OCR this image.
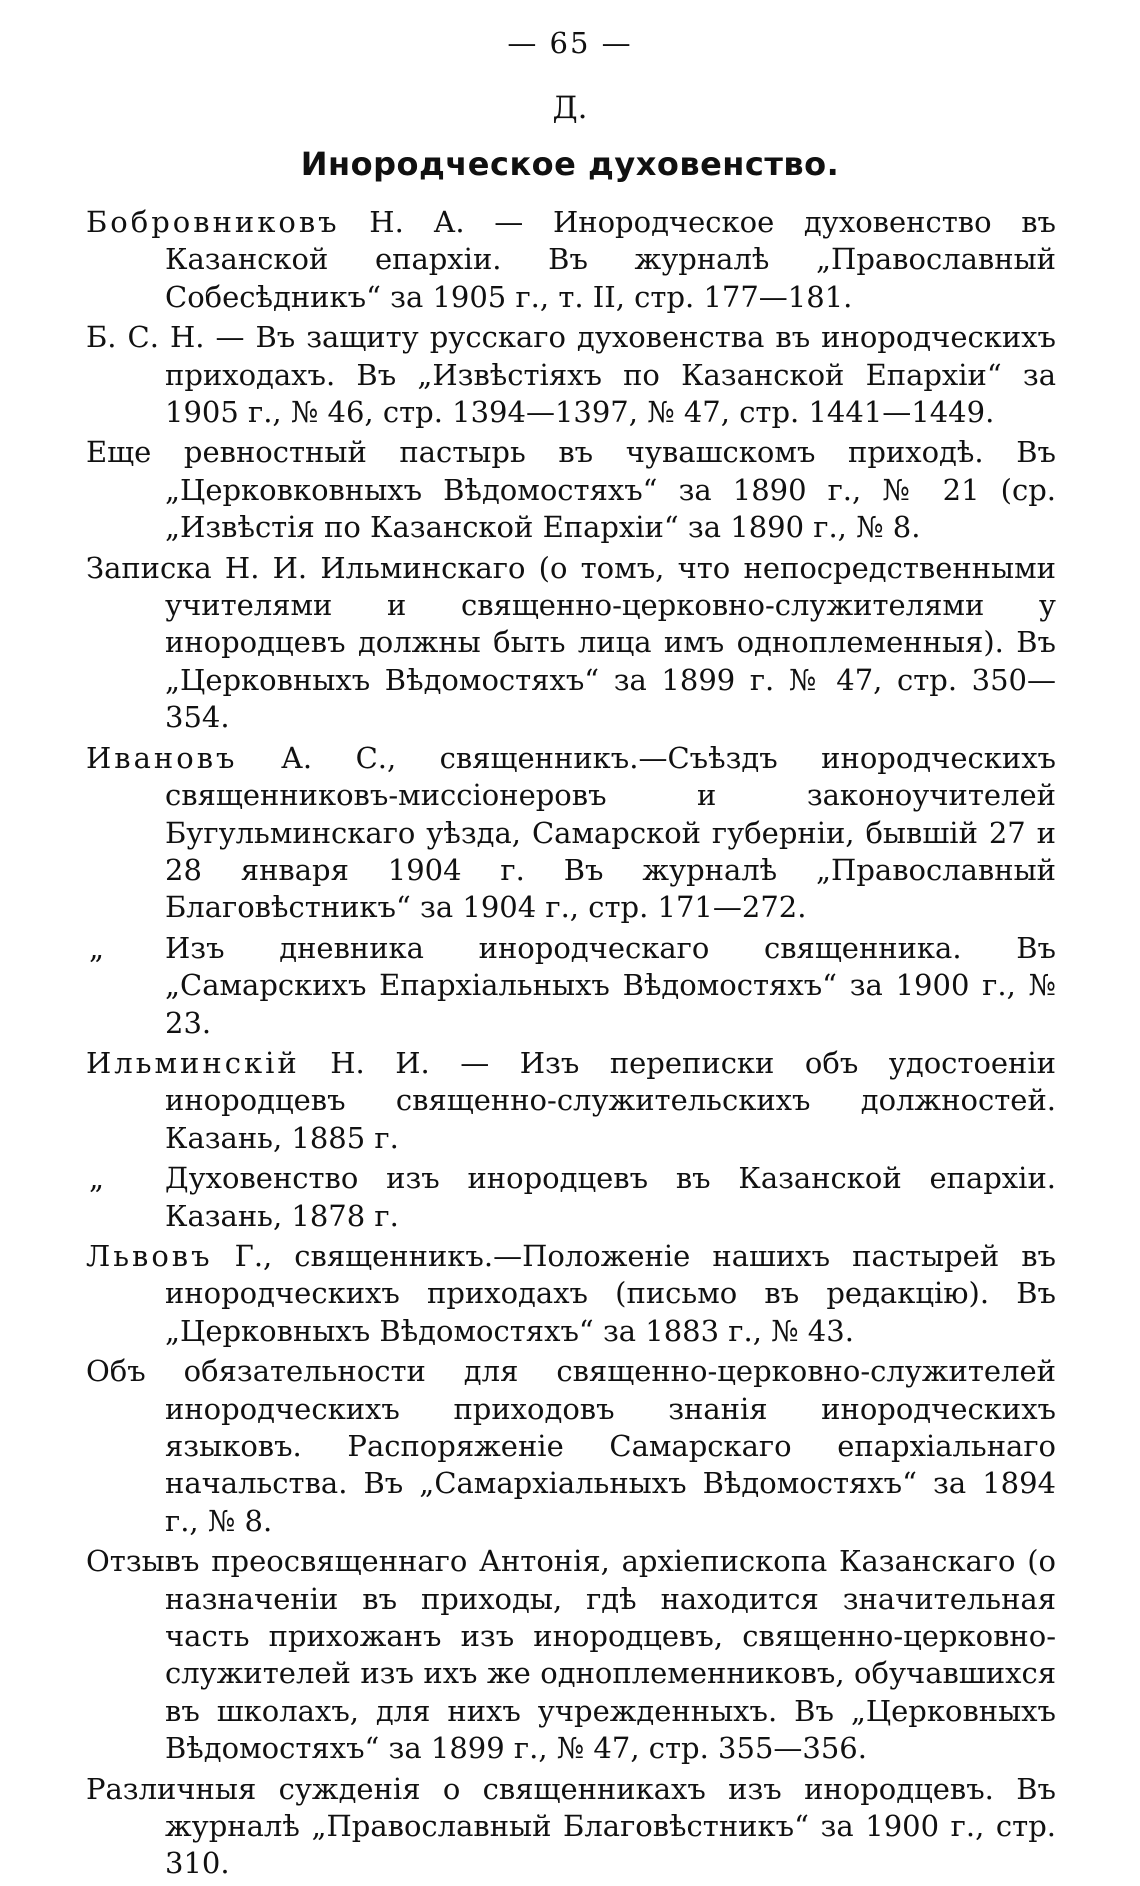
— 65 —
Д.
Инородческое духовенство.

Бобровниковъ Н. А. — Инородческое духовенство въ Казанской епархіи. Въ журналѣ „Православный Собесѣдникъ“ за 1905 г., т. II, стр. 177—181.

Б. С. Н. — Въ защиту русскаго духовенства въ инородческихъ приходахъ. Въ „Извѣстіяхъ по Казанской Епархіи“ за 1905 г., № 46, стр. 1394—1397, № 47, стр. 1441—1449.

Еще ревностный пастырь въ чувашскомъ приходѣ. Въ „Церковковныхъ Вѣдомостяхъ“ за 1890 г., № 21 (ср. „Извѣстія по Казанской Епархіи“ за 1890 г., № 8.

Записка Н. И. Ильминскаго (о томъ, что непосредственными учителями и священно-церковно-служителями у инородцевъ должны быть лица имъ одноплеменныя). Въ „Церковныхъ Вѣдомостяхъ“ за 1899 г. № 47, стр. 350—354.

Ивановъ А. С., священникъ.—Съѣздъ инородческихъ священниковъ-миссіонеровъ и законоучителей Бугульминскаго уѣзда, Самарской губерніи, бывшій 27 и 28 января 1904 г. Въ журналѣ „Православный Благовѣстникъ“ за 1904 г., стр. 171—272.

„ Изъ дневника инородческаго священника. Въ „Самарскихъ Епархіальныхъ Вѣдомостяхъ“ за 1900 г., № 23.

Ильминскій Н. И. — Изъ переписки объ удостоеніи инородцевъ священно-служительскихъ должностей. Казань, 1885 г.

„ Духовенство изъ инородцевъ въ Казанской епархіи. Казань, 1878 г.

Львовъ Г., священникъ.—Положеніе нашихъ пастырей въ инородческихъ приходахъ (письмо въ редакцію). Въ „Церковныхъ Вѣдомостяхъ“ за 1883 г., № 43.

Объ обязательности для священно-церковно-служителей инородческихъ приходовъ знанія инородческихъ языковъ. Распоряженіе Самарскаго епархіальнаго начальства. Въ „Самархіальныхъ Вѣдомостяхъ“ за 1894 г., № 8.

Отзывъ преосвященнаго Антонія, архіепископа Казанскаго (о назначеніи въ приходы, гдѣ находится значительная часть прихожанъ изъ инородцевъ, священно-церковно-служителей изъ ихъ же одноплеменниковъ, обучавшихся въ школахъ, для нихъ учрежденныхъ. Въ „Церковныхъ Вѣдомостяхъ“ за 1899 г., № 47, стр. 355—356.

Различныя сужденія о священникахъ изъ инородцевъ. Въ журналѣ „Православный Благовѣстникъ“ за 1900 г., стр. 310.
